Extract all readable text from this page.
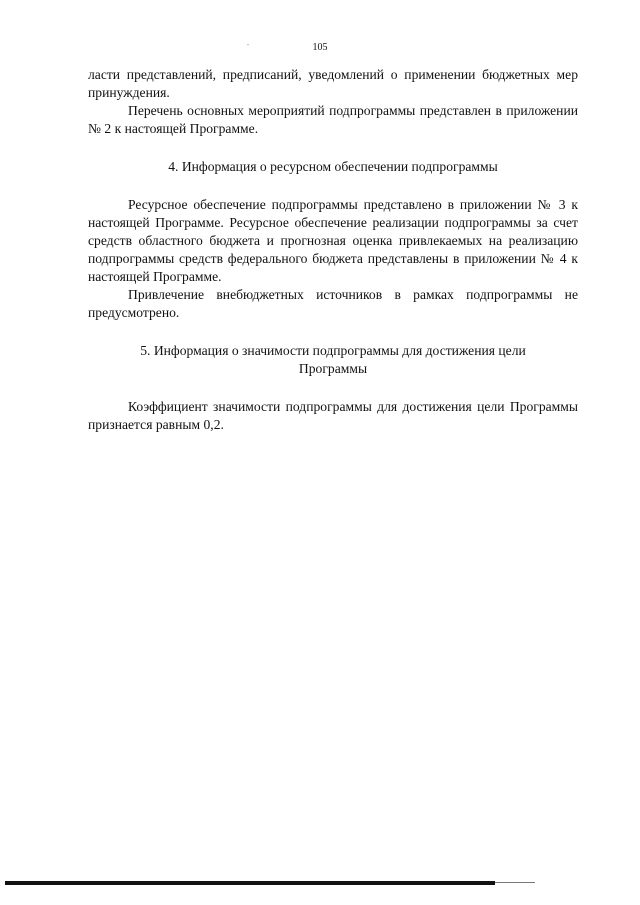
105

ласти представлений, предписаний, уведомлений о применении бюджетных мер принуждения.

Перечень основных мероприятий подпрограммы представлен в приложении № 2 к настоящей Программе.

4. Информация о ресурсном обеспечении подпрограммы

Ресурсное обеспечение подпрограммы представлено в приложении № 3 к настоящей Программе. Ресурсное обеспечение реализации подпрограммы за счет средств областного бюджета и прогнозная оценка привлекаемых на реализацию подпрограммы средств федерального бюджета представлены в приложении № 4 к настоящей Программе.

Привлечение внебюджетных источников в рамках подпрограммы не предусмотрено.

5. Информация о значимости подпрограммы для достижения цели

Программы

Коэффициент значимости подпрограммы для достижения цели Программы признается равным 0,2.
